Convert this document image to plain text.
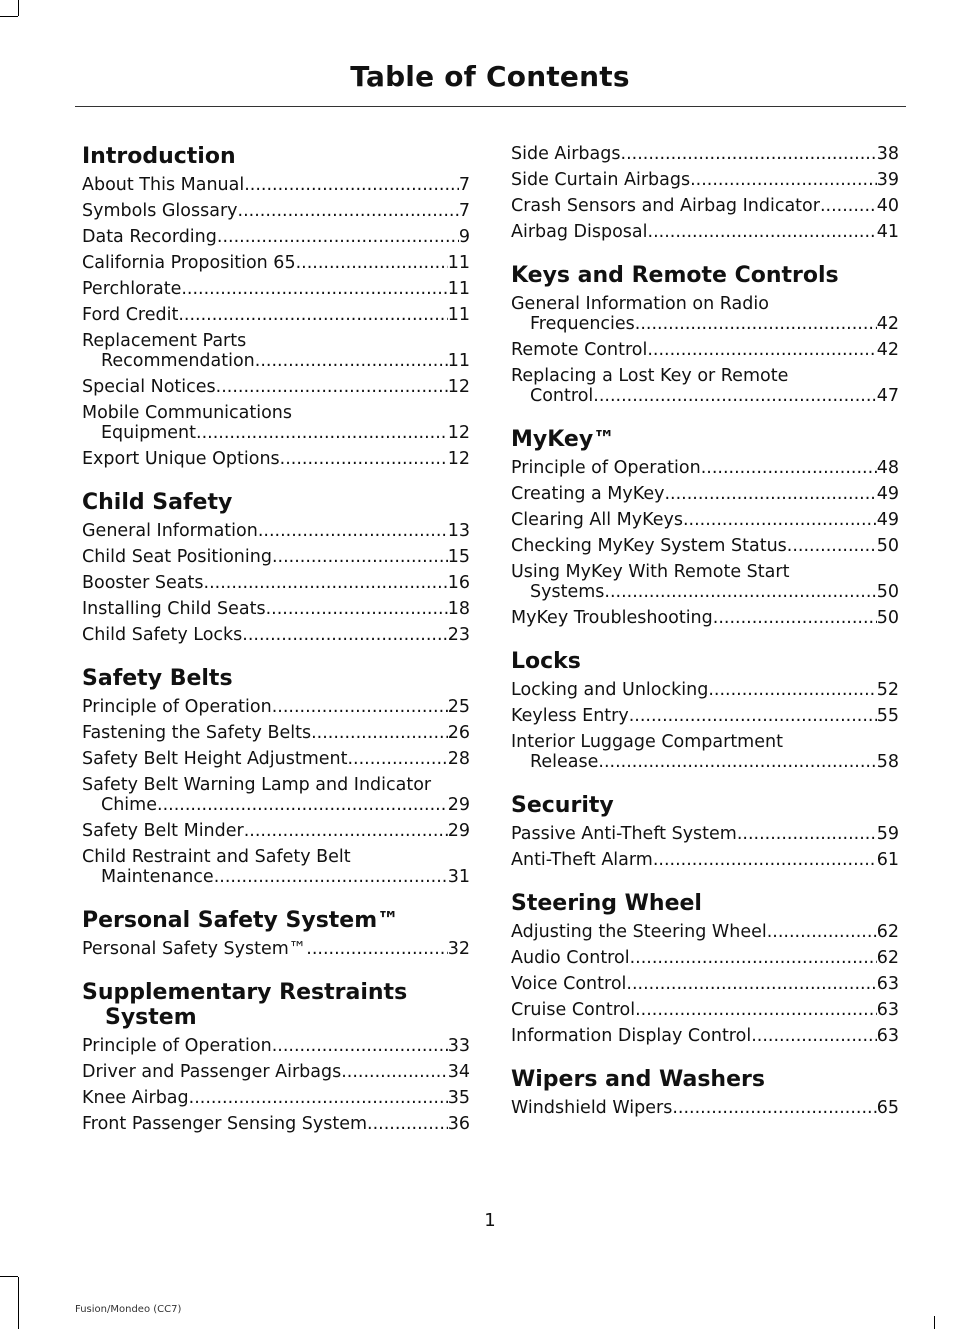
Table of Contents
Introduction
About This Manual .....	7
Symbols Glossary .....	7
Data Recording .....	9
California Proposition 65 .....	11
Perchlorate .....	11
Ford Credit .....	11
Replacement Parts
Recommendation .....	11
Special Notices .....	12
Mobile Communications
Equipment .....	12
Export Unique Options .....	12
Child Safety
General Information .....	13
Child Seat Positioning .....	15
Booster Seats .....	16
Installing Child Seats .....	18
Child Safety Locks .....	23
Safety Belts
Principle of Operation .....	25
Fastening the Safety Belts .....	26
Safety Belt Height Adjustment .....	28
Safety Belt Warning Lamp and Indicator
Chime .....	29
Safety Belt Minder .....	29
Child Restraint and Safety Belt
Maintenance .....	31
Personal Safety System™
Personal Safety System™ .....	32
Supplementary Restraints System
Principle of Operation .....	33
Driver and Passenger Airbags .....	34
Knee Airbag .....	35
Front Passenger Sensing System .....	36
Side Airbags .....	38
Side Curtain Airbags .....	39
Crash Sensors and Airbag Indicator .....	40
Airbag Disposal .....	41
Keys and Remote Controls
General Information on Radio
Frequencies .....	42
Remote Control .....	42
Replacing a Lost Key or Remote
Control .....	47
MyKey™
Principle of Operation .....	48
Creating a MyKey .....	49
Clearing All MyKeys .....	49
Checking MyKey System Status .....	50
Using MyKey With Remote Start
Systems .....	50
MyKey Troubleshooting .....	50
Locks
Locking and Unlocking .....	52
Keyless Entry .....	55
Interior Luggage Compartment
Release .....	58
Security
Passive Anti-Theft System .....	59
Anti-Theft Alarm .....	61
Steering Wheel
Adjusting the Steering Wheel .....	62
Audio Control .....	62
Voice Control .....	63
Cruise Control .....	63
Information Display Control .....	63
Wipers and Washers
Windshield Wipers .....	65
1
Fusion/Mondeo (CC7)
